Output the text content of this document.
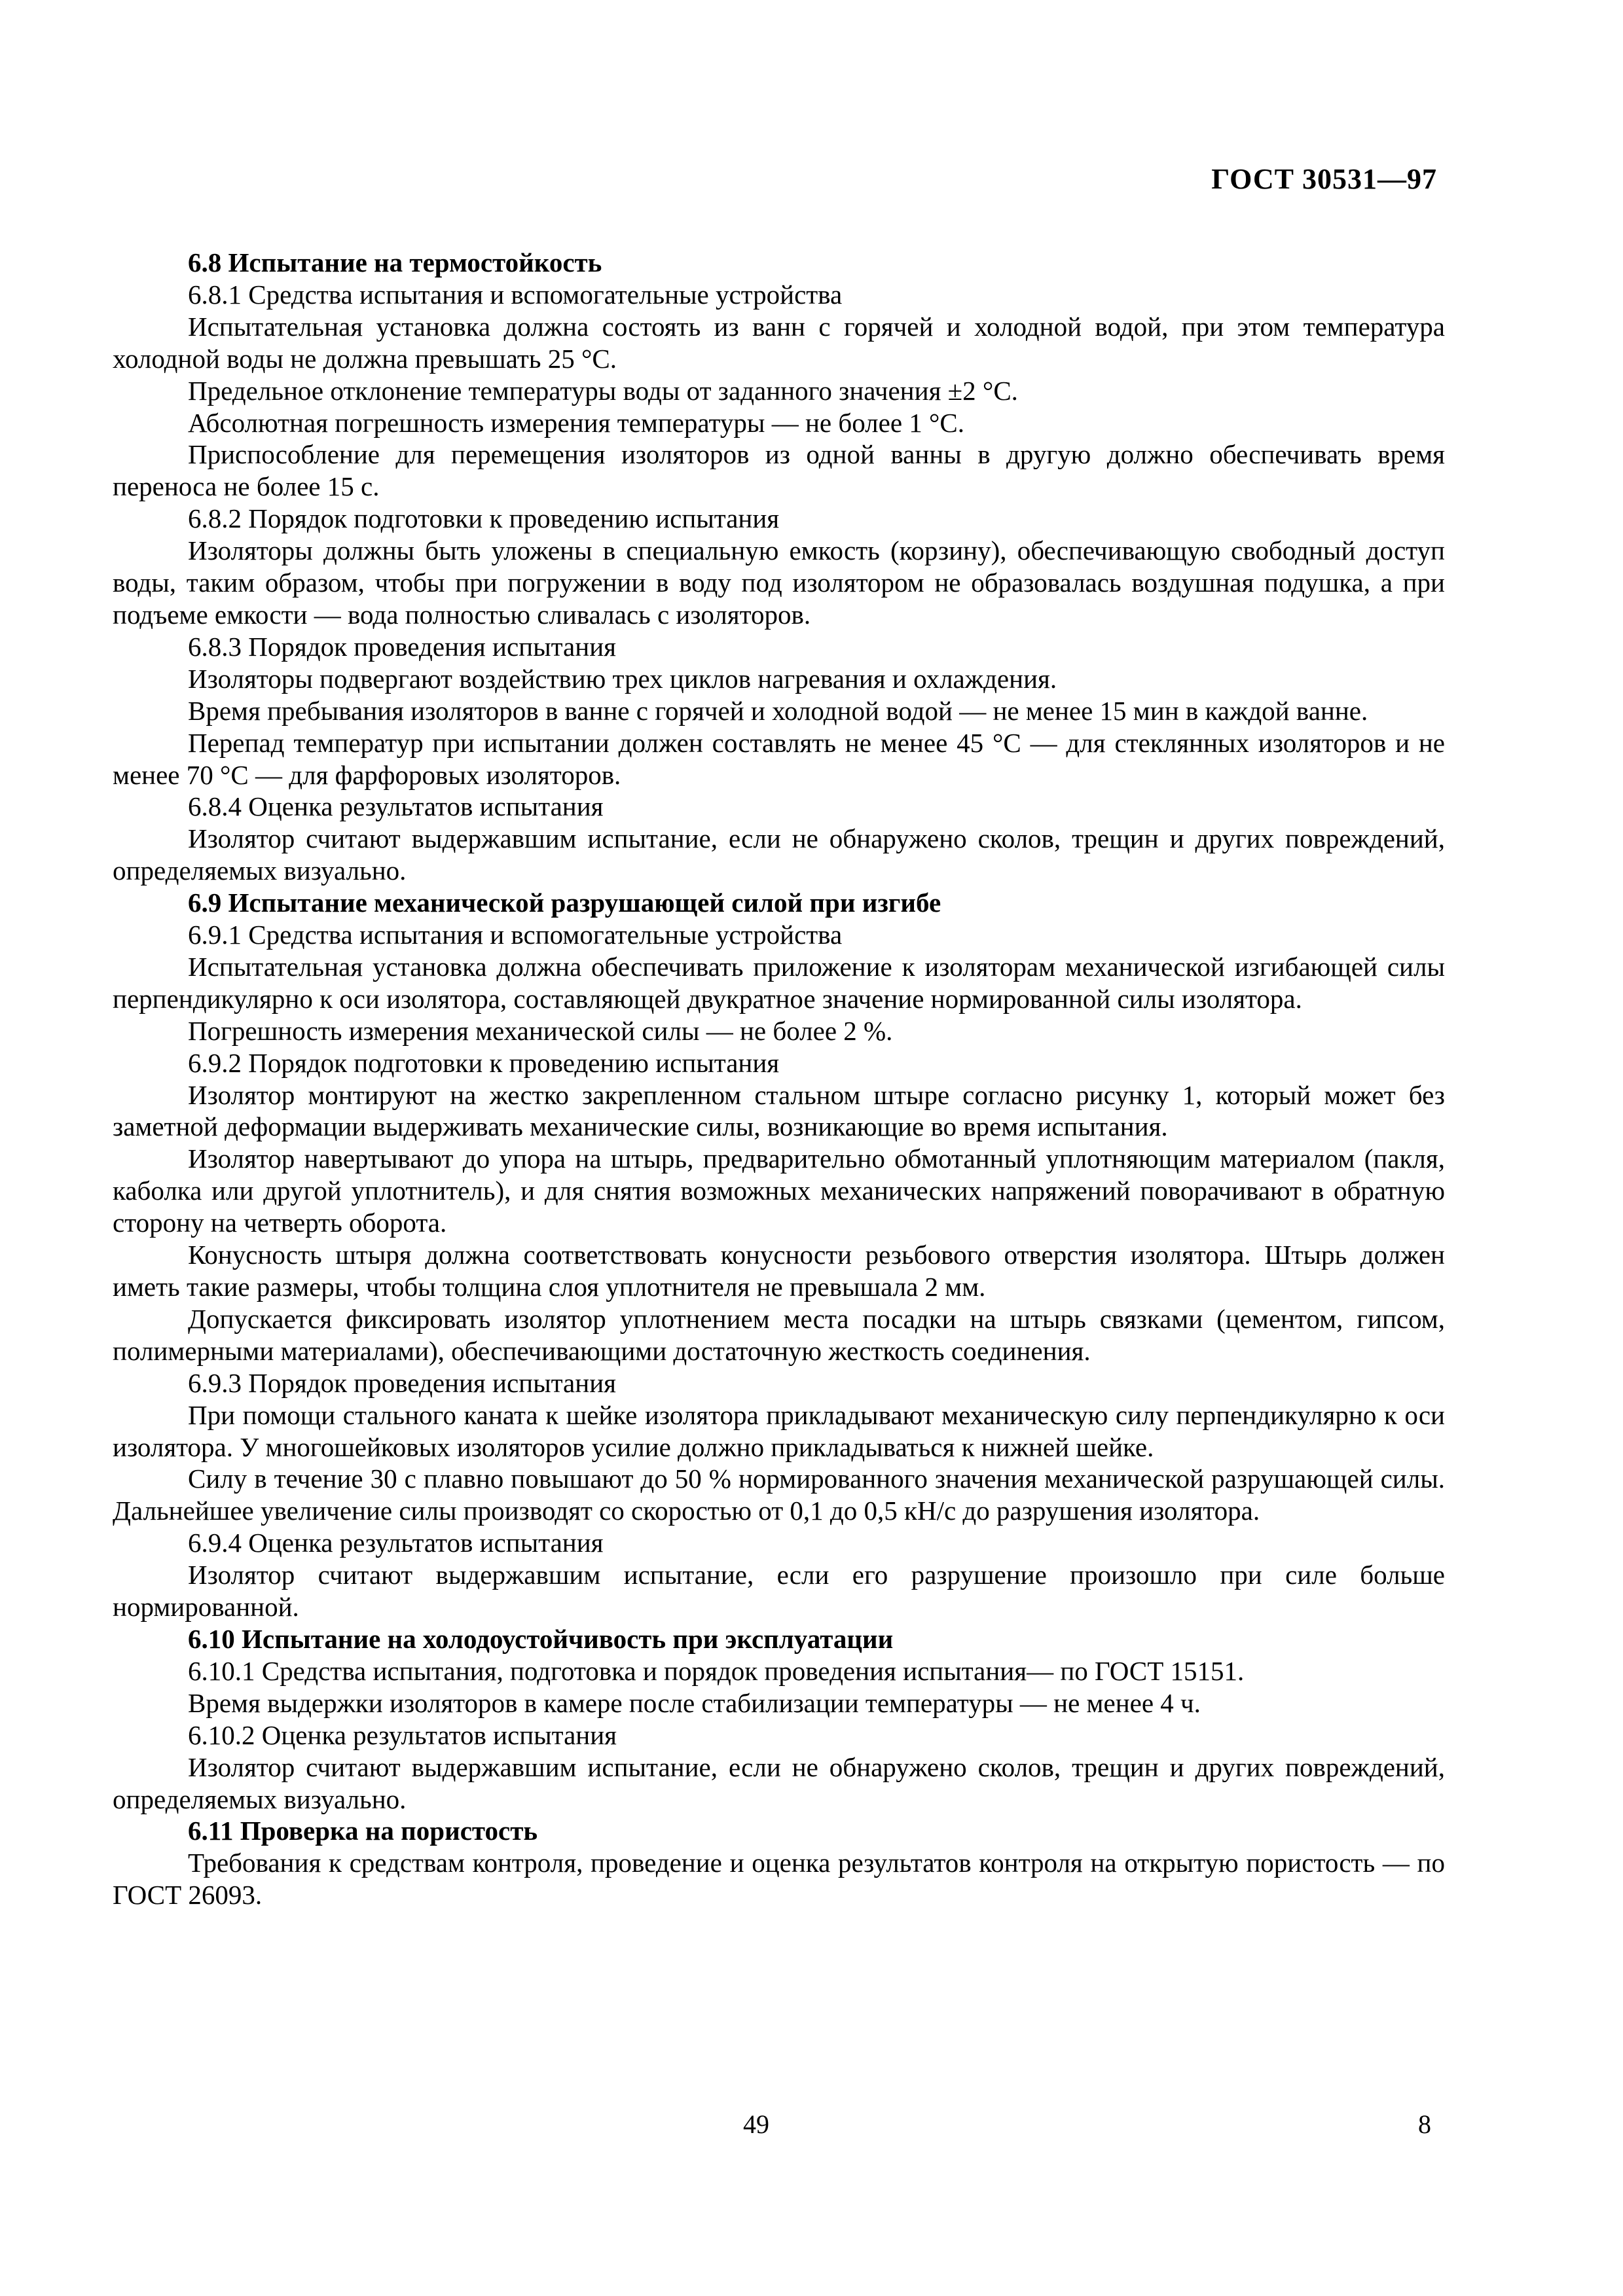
ГОСТ 30531—97

6.8 Испытание на термостойкость

6.8.1 Средства испытания и вспомогательные устройства

Испытательная установка должна состоять из ванн с горячей и холодной водой, при этом температура холодной воды не должна превышать 25 °С.

Предельное отклонение температуры воды от заданного значения ±2 °С.

Абсолютная погрешность измерения температуры — не более 1 °С.

Приспособление для перемещения изоляторов из одной ванны в другую должно обеспечивать время переноса не более 15 с.

6.8.2 Порядок подготовки к проведению испытания

Изоляторы должны быть уложены в специальную емкость (корзину), обеспечивающую свободный доступ воды, таким образом, чтобы при погружении в воду под изолятором не образовалась воздушная подушка, а при подъеме емкости — вода полностью сливалась с изоляторов.

6.8.3 Порядок проведения испытания

Изоляторы подвергают воздействию трех циклов нагревания и охлаждения.

Время пребывания изоляторов в ванне с горячей и холодной водой — не менее 15 мин в каждой ванне.

Перепад температур при испытании должен составлять не менее 45 °С — для стеклянных изоляторов и не менее 70 °С — для фарфоровых изоляторов.

6.8.4 Оценка результатов испытания

Изолятор считают выдержавшим испытание, если не обнаружено сколов, трещин и других повреждений, определяемых визуально.

6.9 Испытание механической разрушающей силой при изгибе

6.9.1 Средства испытания и вспомогательные устройства

Испытательная установка должна обеспечивать приложение к изоляторам механической изгибающей силы перпендикулярно к оси изолятора, составляющей двукратное значение нормированной силы изолятора.

Погрешность измерения механической силы — не более 2 %.

6.9.2 Порядок подготовки к проведению испытания

Изолятор монтируют на жестко закрепленном стальном штыре согласно рисунку 1, который может без заметной деформации выдерживать механические силы, возникающие во время испытания.

Изолятор навертывают до упора на штырь, предварительно обмотанный уплотняющим материалом (пакля, каболка или другой уплотнитель), и для снятия возможных механических напряжений поворачивают в обратную сторону на четверть оборота.

Конусность штыря должна соответствовать конусности резьбового отверстия изолятора. Штырь должен иметь такие размеры, чтобы толщина слоя уплотнителя не превышала 2 мм.

Допускается фиксировать изолятор уплотнением места посадки на штырь связками (цементом, гипсом, полимерными материалами), обеспечивающими достаточную жесткость соединения.

6.9.3 Порядок проведения испытания

При помощи стального каната к шейке изолятора прикладывают механическую силу перпендикулярно к оси изолятора. У многошейковых изоляторов усилие должно прикладываться к нижней шейке.

Силу в течение 30 с плавно повышают до 50 % нормированного значения механической разрушающей силы. Дальнейшее увеличение силы производят со скоростью от 0,1 до 0,5 кН/с до разрушения изолятора.

6.9.4 Оценка результатов испытания

Изолятор считают выдержавшим испытание, если его разрушение произошло при силе больше нормированной.

6.10 Испытание на холодоустойчивость при эксплуатации

6.10.1 Средства испытания, подготовка и порядок проведения испытания— по ГОСТ 15151.

Время выдержки изоляторов в камере после стабилизации температуры — не менее 4 ч.

6.10.2 Оценка результатов испытания

Изолятор считают выдержавшим испытание, если не обнаружено сколов, трещин и других повреждений, определяемых визуально.

6.11 Проверка на пористость

Требования к средствам контроля, проведение и оценка результатов контроля на открытую пористость — по ГОСТ 26093.

49	8
